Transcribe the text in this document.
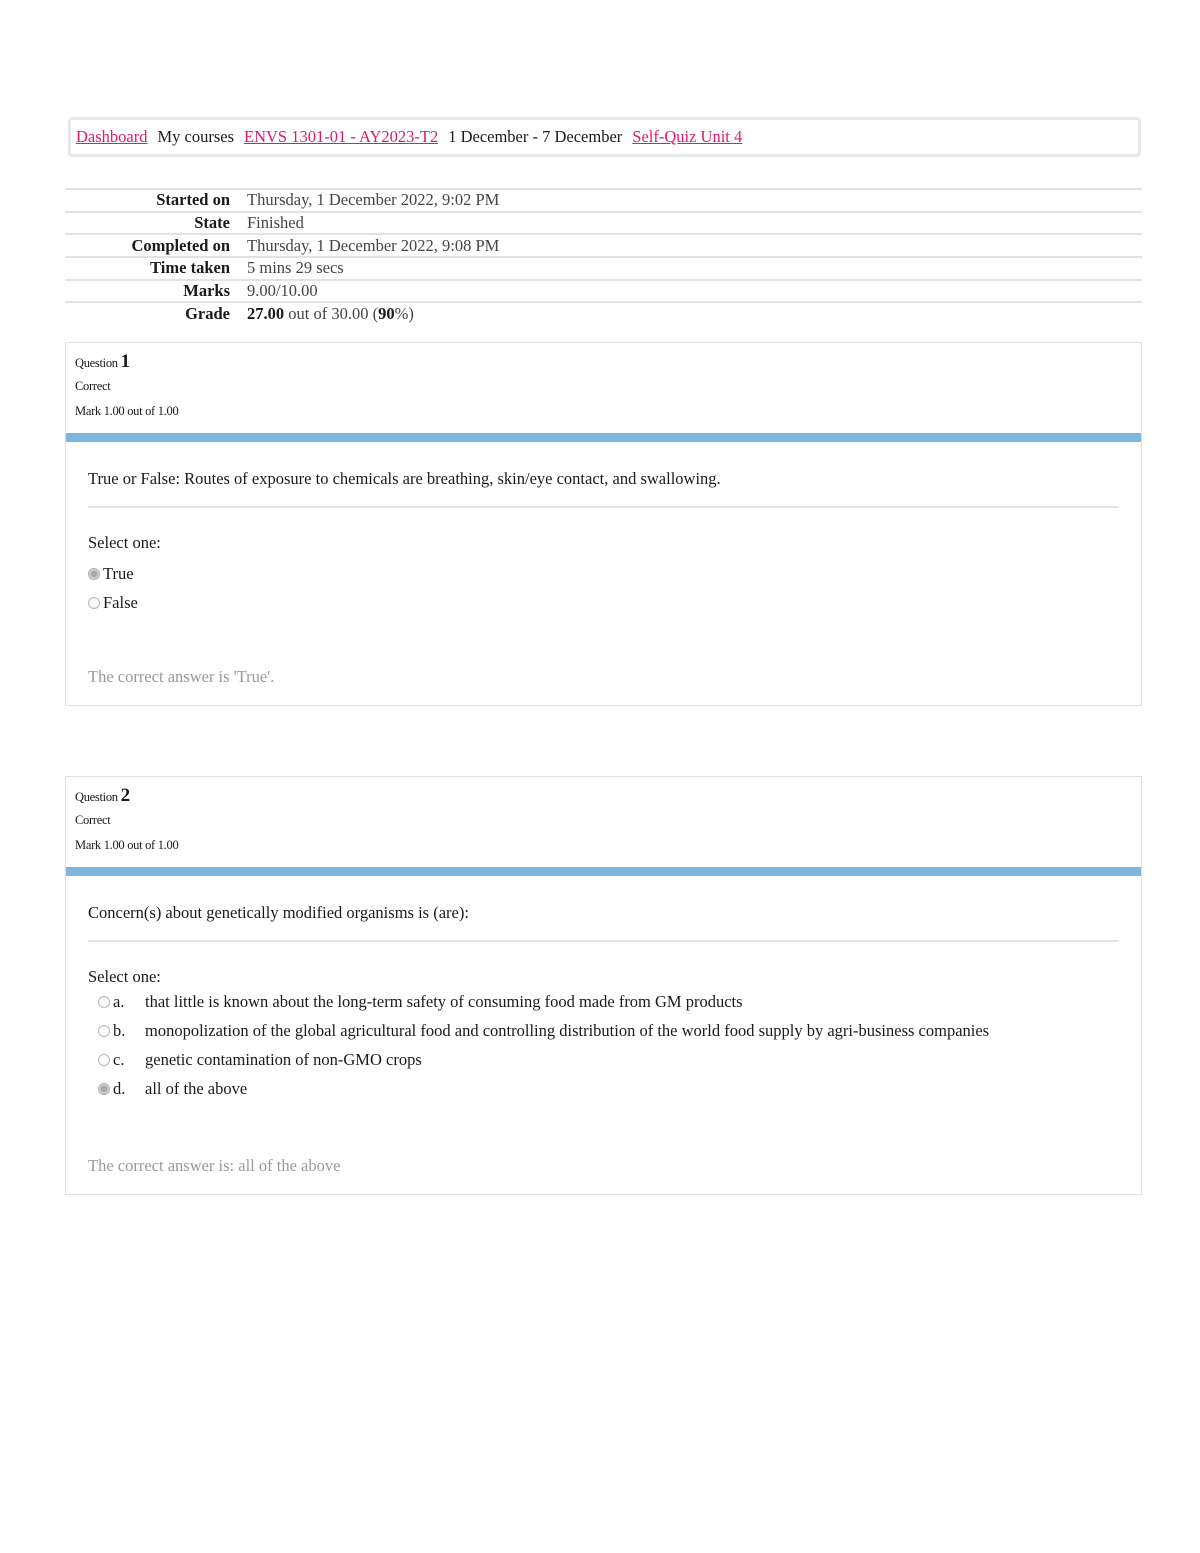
Dashboard My courses ENVS 1301-01 - AY2023-T2 1 December - 7 December Self-Quiz Unit 4
Started on	Thursday, 1 December 2022, 9:02 PM
State	Finished
Completed on	Thursday, 1 December 2022, 9:08 PM
Time taken	5 mins 29 secs
Marks	9.00/10.00
Grade	27.00 out of 30.00 (90%)
Question 1
Correct
Mark 1.00 out of 1.00
True or False: Routes of exposure to chemicals are breathing, skin/eye contact, and swallowing.
Select one:
True
False
The correct answer is 'True'.
Question 2
Correct
Mark 1.00 out of 1.00
Concern(s) about genetically modified organisms is (are):
Select one:
a.	that little is known about the long-term safety of consuming food made from GM products
b.	monopolization of the global agricultural food and controlling distribution of the world food supply by agri-business companies
c.	genetic contamination of non-GMO crops
d.	all of the above
The correct answer is: all of the above
